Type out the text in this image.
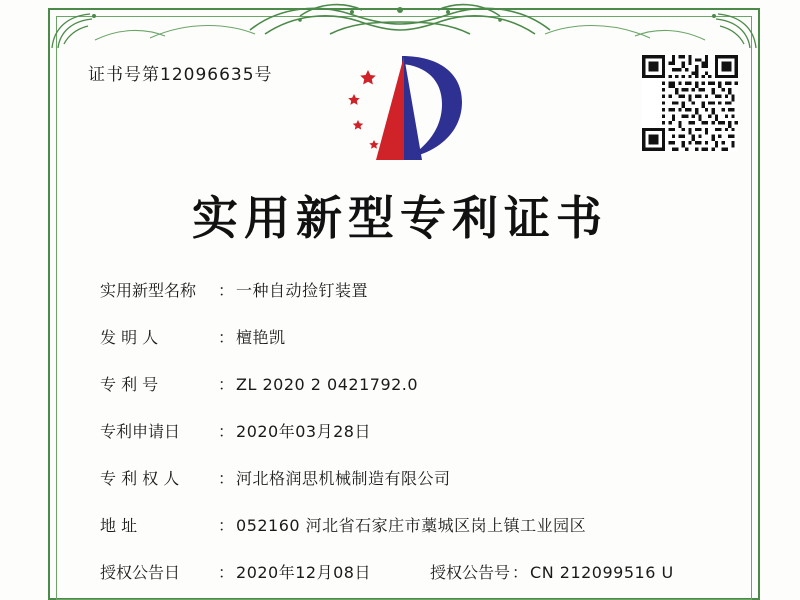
证书号第12096635号
实用新型专利证书
实用新型名称	： 一种自动捡钉装置
发 明 人	： 檀艳凯
专 利 号	： ZL 2020 2 0421792.0
专利申请日	： 2020年03月28日
专 利 权 人	： 河北格润思机械制造有限公司
地 址	： 052160 河北省石家庄市藁城区岗上镇工业园区
授权公告日	： 2020年12月08日	授权公告号 ： CN 212099516 U
